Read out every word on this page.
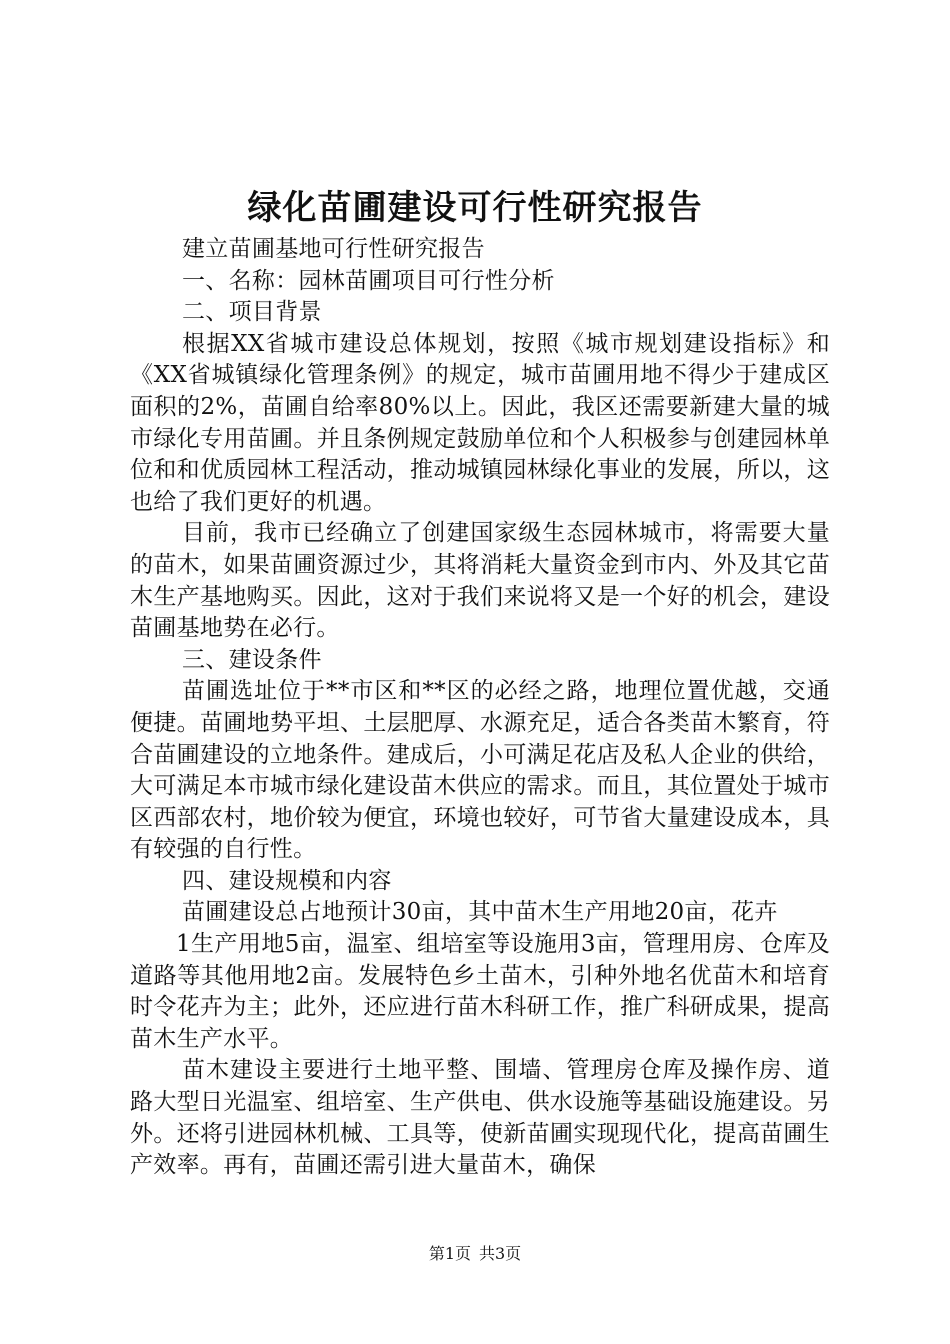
绿化苗圃建设可行性研究报告

建立苗圃基地可行性研究报告

一、名称：园林苗圃项目可行性分析

二、项目背景

根据XX省城市建设总体规划，按照《城市规划建设指标》和《XX省城镇绿化管理条例》的规定，城市苗圃用地不得少于建成区面积的2%，苗圃自给率80%以上。因此，我区还需要新建大量的城市绿化专用苗圃。并且条例规定鼓励单位和个人积极参与创建园林单位和和优质园林工程活动，推动城镇园林绿化事业的发展，所以，这也给了我们更好的机遇。

目前，我市已经确立了创建国家级生态园林城市，将需要大量的苗木，如果苗圃资源过少，其将消耗大量资金到市内、外及其它苗木生产基地购买。因此，这对于我们来说将又是一个好的机会，建设苗圃基地势在必行。

三、建设条件

苗圃选址位于**市区和**区的必经之路，地理位置优越，交通便捷。苗圃地势平坦、土层肥厚、水源充足，适合各类苗木繁育，符合苗圃建设的立地条件。建成后，小可满足花店及私人企业的供给，大可满足本市城市绿化建设苗木供应的需求。而且，其位置处于城市区西部农村，地价较为便宜，环境也较好，可节省大量建设成本，具有较强的自行性。

四、建设规模和内容

苗圃建设总占地预计30亩，其中苗木生产用地20亩，花卉

1生产用地5亩，温室、组培室等设施用3亩，管理用房、仓库及道路等其他用地2亩。发展特色乡土苗木，引种外地名优苗木和培育时令花卉为主；此外，还应进行苗木科研工作，推广科研成果，提高苗木生产水平。

苗木建设主要进行土地平整、围墙、管理房仓库及操作房、道路大型日光温室、组培室、生产供电、供水设施等基础设施建设。另外。还将引进园林机械、工具等，使新苗圃实现现代化，提高苗圃生产效率。再有，苗圃还需引进大量苗木，确保

第1页 共3页
